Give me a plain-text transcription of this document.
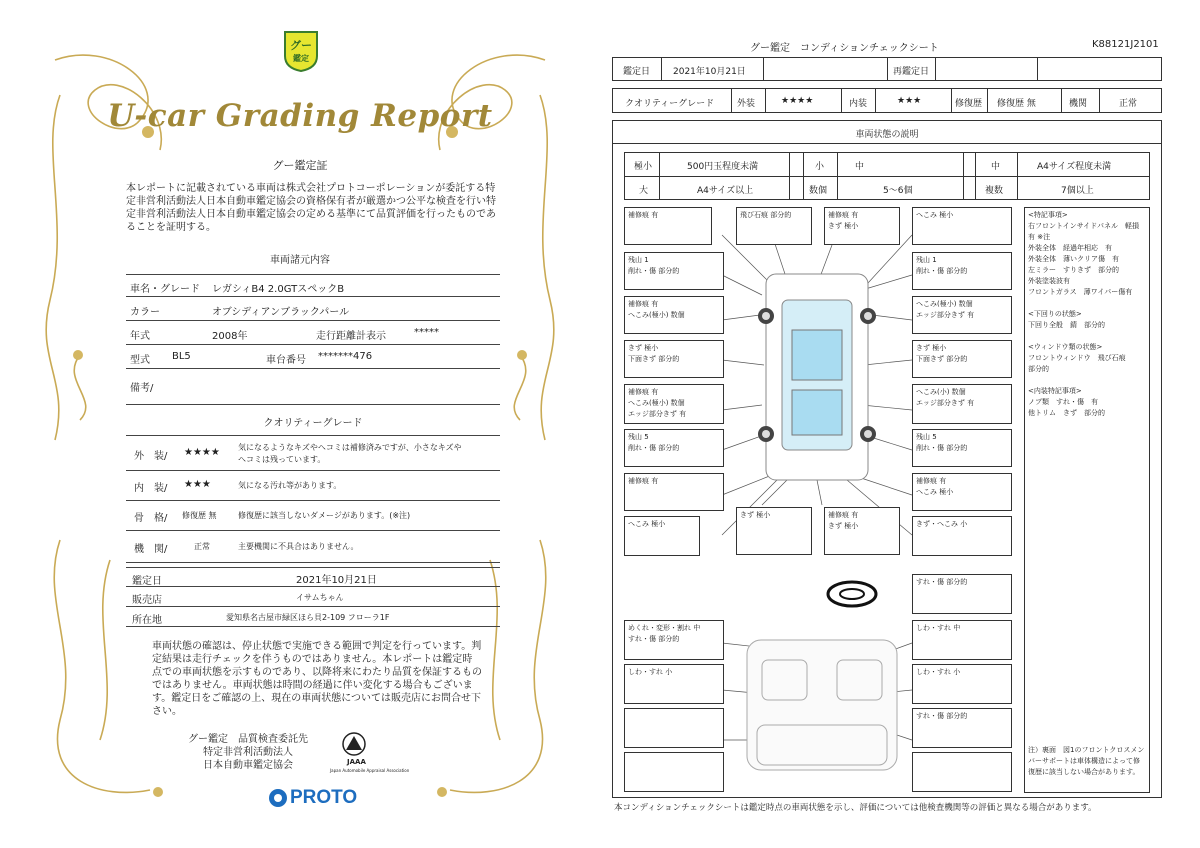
グー
鑑定
U-car Grading Report
グー鑑定証
本レポートに記載されている車両は株式会社プロトコーポレーションが委託する特定非営利活動法人日本自動車鑑定協会の資格保有者が厳選かつ公平な検査を行い特定非営利活動法人日本自動車鑑定協会の定める基準にて品質評価を行ったものであることを証明する。
車両諸元内容
車名・グレード レガシィB4 2.0GTスペックB
カラー	オブシディアンブラックパール
年式	2008年	走行距離計表示	*****
型式 BL5	車台番号 *******476
備考/
クオリティーグレード
外　装/ ★★★★ 気になるようなキズやヘコミは補修済みですが、小さなキズや
ヘコミは残っています。
内　装/ ★★★	気になる汚れ等があります。
骨　格/ 修復歴 無	修復歴に該当しないダメージがあります。(※注)
機　関/	正常	主要機関に不具合はありません。
鑑定日	2021年10月21日
販売店	イサムちゃん
所在地	愛知県名古屋市緑区ほら貝2-109 フローラ1F
車両状態の確認は、停止状態で実施できる範囲で判定を行っています。判定結果は走行チェックを伴うものではありません。本レポートは鑑定時点での車両状態を示すものであり、以降将来にわたり品質を保証するものではありません。車両状態は時間の経過に伴い変化する場合もございます。鑑定日をご確認の上、現在の車両状態については販売店にお問合せ下さい。
グー鑑定　品質検査委託先
特定非営利活動法人
日本自動車鑑定協会	JAAA
Japan Automobile Appraisal Association
PROTO
グー鑑定　コンディションチェックシート	K88121J2101
鑑定日	2021年10月21日	再鑑定日
クオリティーグレード	外装	★★★★	内装	★★★	修復歴 修復歴 無	機関	正常
車両状態の説明
極小	500円玉程度未満	小	中	中	A4サイズ程度未満
大	A4サイズ以上	数個	5～6個	複数	7個以上
補修痕 有	飛び石痕 部分的	補修痕 有
きず 極小
へこみ 極小
残山 1
削れ・傷 部分的
残山 1
削れ・傷 部分的
補修痕 有
へこみ(極小) 数個
へこみ(極小) 数個
エッジ部分きず 有
きず 極小
下面きず 部分的
きず 極小
下面きず 部分的
補修痕 有
へこみ(極小) 数個
エッジ部分きず 有
へこみ(小) 数個
エッジ部分きず 有
残山 5
削れ・傷 部分的
残山 5
削れ・傷 部分的
補修痕 有	補修痕 有
へこみ 極小
へこみ 極小
きず 極小	補修痕 有
きず 極小	きず・へこみ 小
すれ・傷 部分的
めくれ・変形・割れ 中
すれ・傷 部分的
しわ・すれ 中
しわ・すれ 小	しわ・すれ 小
すれ・傷 部分的
<特記事項>
右フロントインサイドパネル　軽損
有 ※注
外装全体　経過年相応　有
外装全体　薄いクリア傷　有
左ミラー　すりきず　部分的
外装塗装波有
フロントガラス　薄ワイパー傷有

<下回りの状態>
下回り全般　錆　部分的

<ウィンドウ類の状態>
フロントウィンドウ　飛び石痕
部分的

<内装特記事項>
ノブ類　すれ・傷　有
他トリム　きず　部分的
注）裏面　図1のフロントクロスメンバーサポートは車体構造によって修復歴に該当しない場合があります。
本コンディションチェックシートは鑑定時点の車両状態を示し、評価については他検査機関等の評価と異なる場合があります。
